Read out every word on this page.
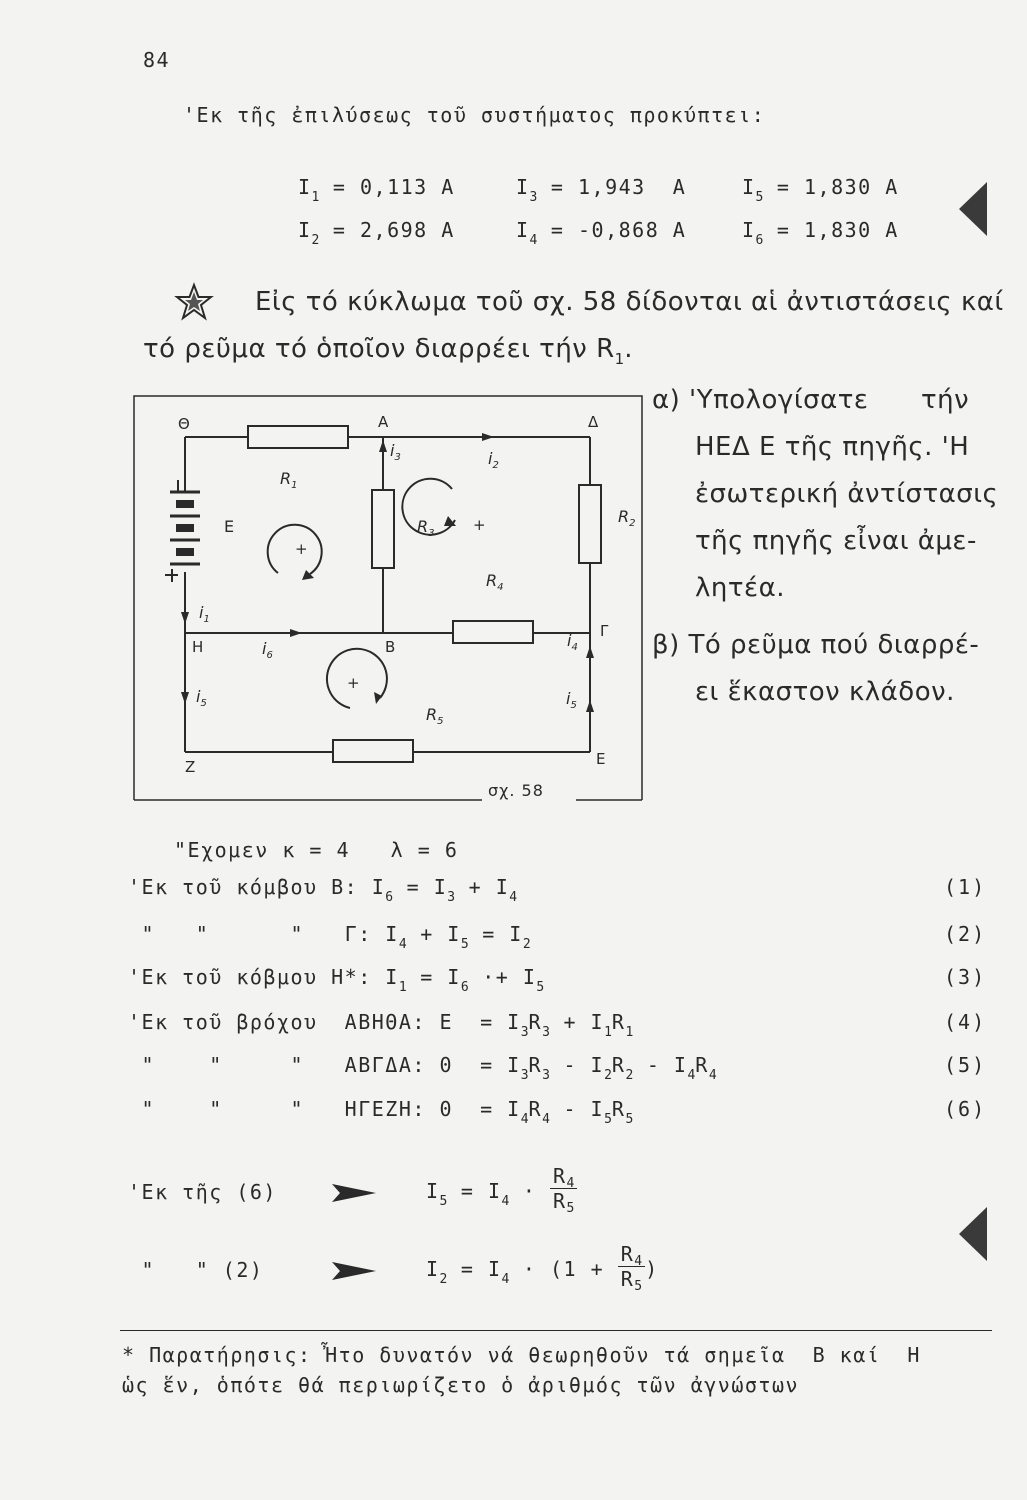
84
'Εκ τῆς ἐπιλύσεως τοῦ συστήματος προκύπτει:
$I_1 = 0,113$ A	$I_3 = 1,943$  A	$I_5 = 1,830$ A
$I_2 = 2,698$ A	$I_4 = -0,868$ A	$I_6 = 1,830$ A
Εἰς τό κύκλωμα τοῦ σχ. 58 δίδονται αἱ ἀντιστάσεις καί
τό ρεῦμα τό ὁποῖον διαρρέει τήν $R_1$.
Θ	A	Δ
H	B
Γ
Z	E
$R_1$
$R_2$
$R_3$
$R_4$
$R_5$
E
$i_1$
$i_2$
$i_3$
$i_4$
$i_5$	$i_5$
$i_6$
+
+
+
σχ. 58
α) 'Υπολογίσατε      τήν
ΗΕΔ Ε τῆς πηγῆς. 'Η
ἐσωτερική ἀντίστασις
τῆς πηγῆς εἶναι ἀμε-
λητέα.
β) Τό ρεῦμα πού διαρρέ-
ει ἕκαστον κλάδον.
"Εχομεν κ = 4   λ = 6
'Εκ τοῦ κόμβου Β: $I_6 = I_3 + I_4$	(1)
"   "      "   Γ: $I_4 + I_5 = I_2$	(2)
'Εκ τοῦ κόβμου Η*: $I_1 = I_6 \cdot+ I_5$	(3)
'Εκ τοῦ βρόχου  ΑΒΗΘΑ: $E = I_3R_3 + I_1R_1$	(4)
"    "     "   ΑΒΓΔΑ: $0 = I_3R_3 - I_2R_2 - I_4R_4$	(5)
"    "     "   ΗΓΕΖΗ: $0 = I_4R_4 - I_5R_5$	(6)
'Εκ τῆς (6)	$I_5 = I_4 \cdot \frac{R_4}{R_5}$
"   " (2)	$I_2 = I_4 \cdot (1 + \frac{R_4}{R_5}$ )
* Παρατήρησις: Ἦτο δυνατόν νά θεωρηθοῦν τά σημεῖα  Β καί  Η
ὡς ἕν, ὁπότε θά περιωρίζετο ὁ ἀριθμός τῶν ἀγνώστων
